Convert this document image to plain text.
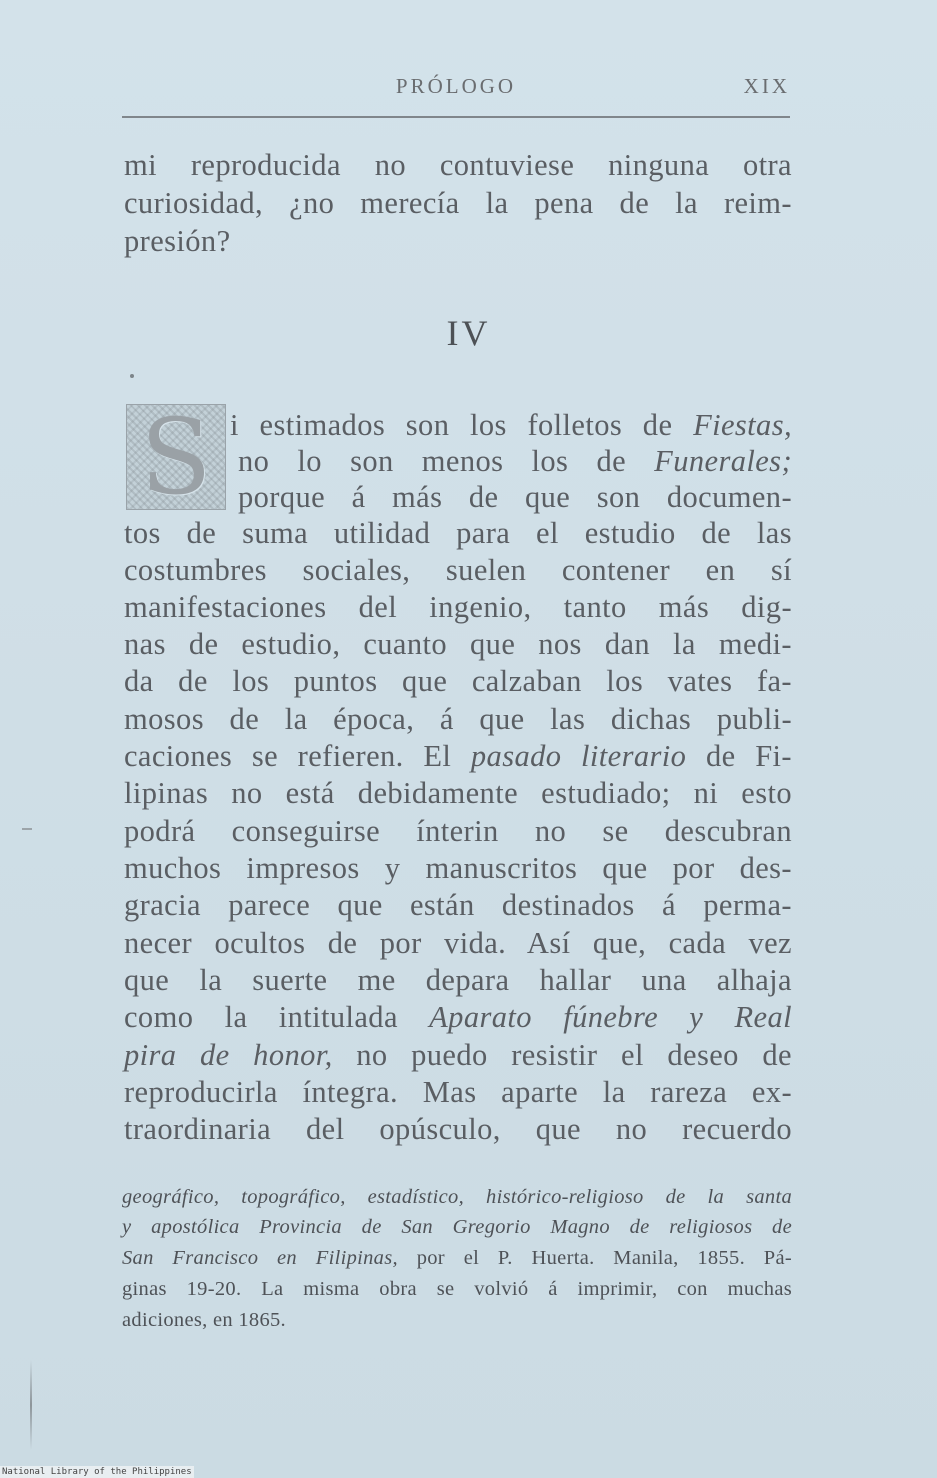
PRÓLOGO	XIX
mi reproducida no contuviese ninguna otra
curiosidad, ¿no merecía la pena de la reim-
presión?
IV
S i estimados son los folletos de Fiestas,
no lo son menos los de Funerales;
porque á más de que son documen-
tos de suma utilidad para el estudio de las
costumbres sociales, suelen contener en sí
manifestaciones del ingenio, tanto más dig-
nas de estudio, cuanto que nos dan la medi-
da de los puntos que calzaban los vates fa-
mosos de la época, á que las dichas publi-
caciones se refieren. El pasado literario de Fi-
lipinas no está debidamente estudiado; ni esto
podrá conseguirse ínterin no se descubran
muchos impresos y manuscritos que por des-
gracia parece que están destinados á perma-
necer ocultos de por vida. Así que, cada vez
que la suerte me depara hallar una alhaja
como la intitulada Aparato fúnebre y Real
pira de honor, no puedo resistir el deseo de
reproducirla íntegra. Mas aparte la rareza ex-
traordinaria del opúsculo, que no recuerdo
geográfico, topográfico, estadístico, histórico-religioso de la santa
y apostólica Provincia de San Gregorio Magno de religiosos de
San Francisco en Filipinas, por el P. Huerta. Manila, 1855. Pá-
ginas 19-20. La misma obra se volvió á imprimir, con muchas
adiciones, en 1865.
National Library of the Philippines
